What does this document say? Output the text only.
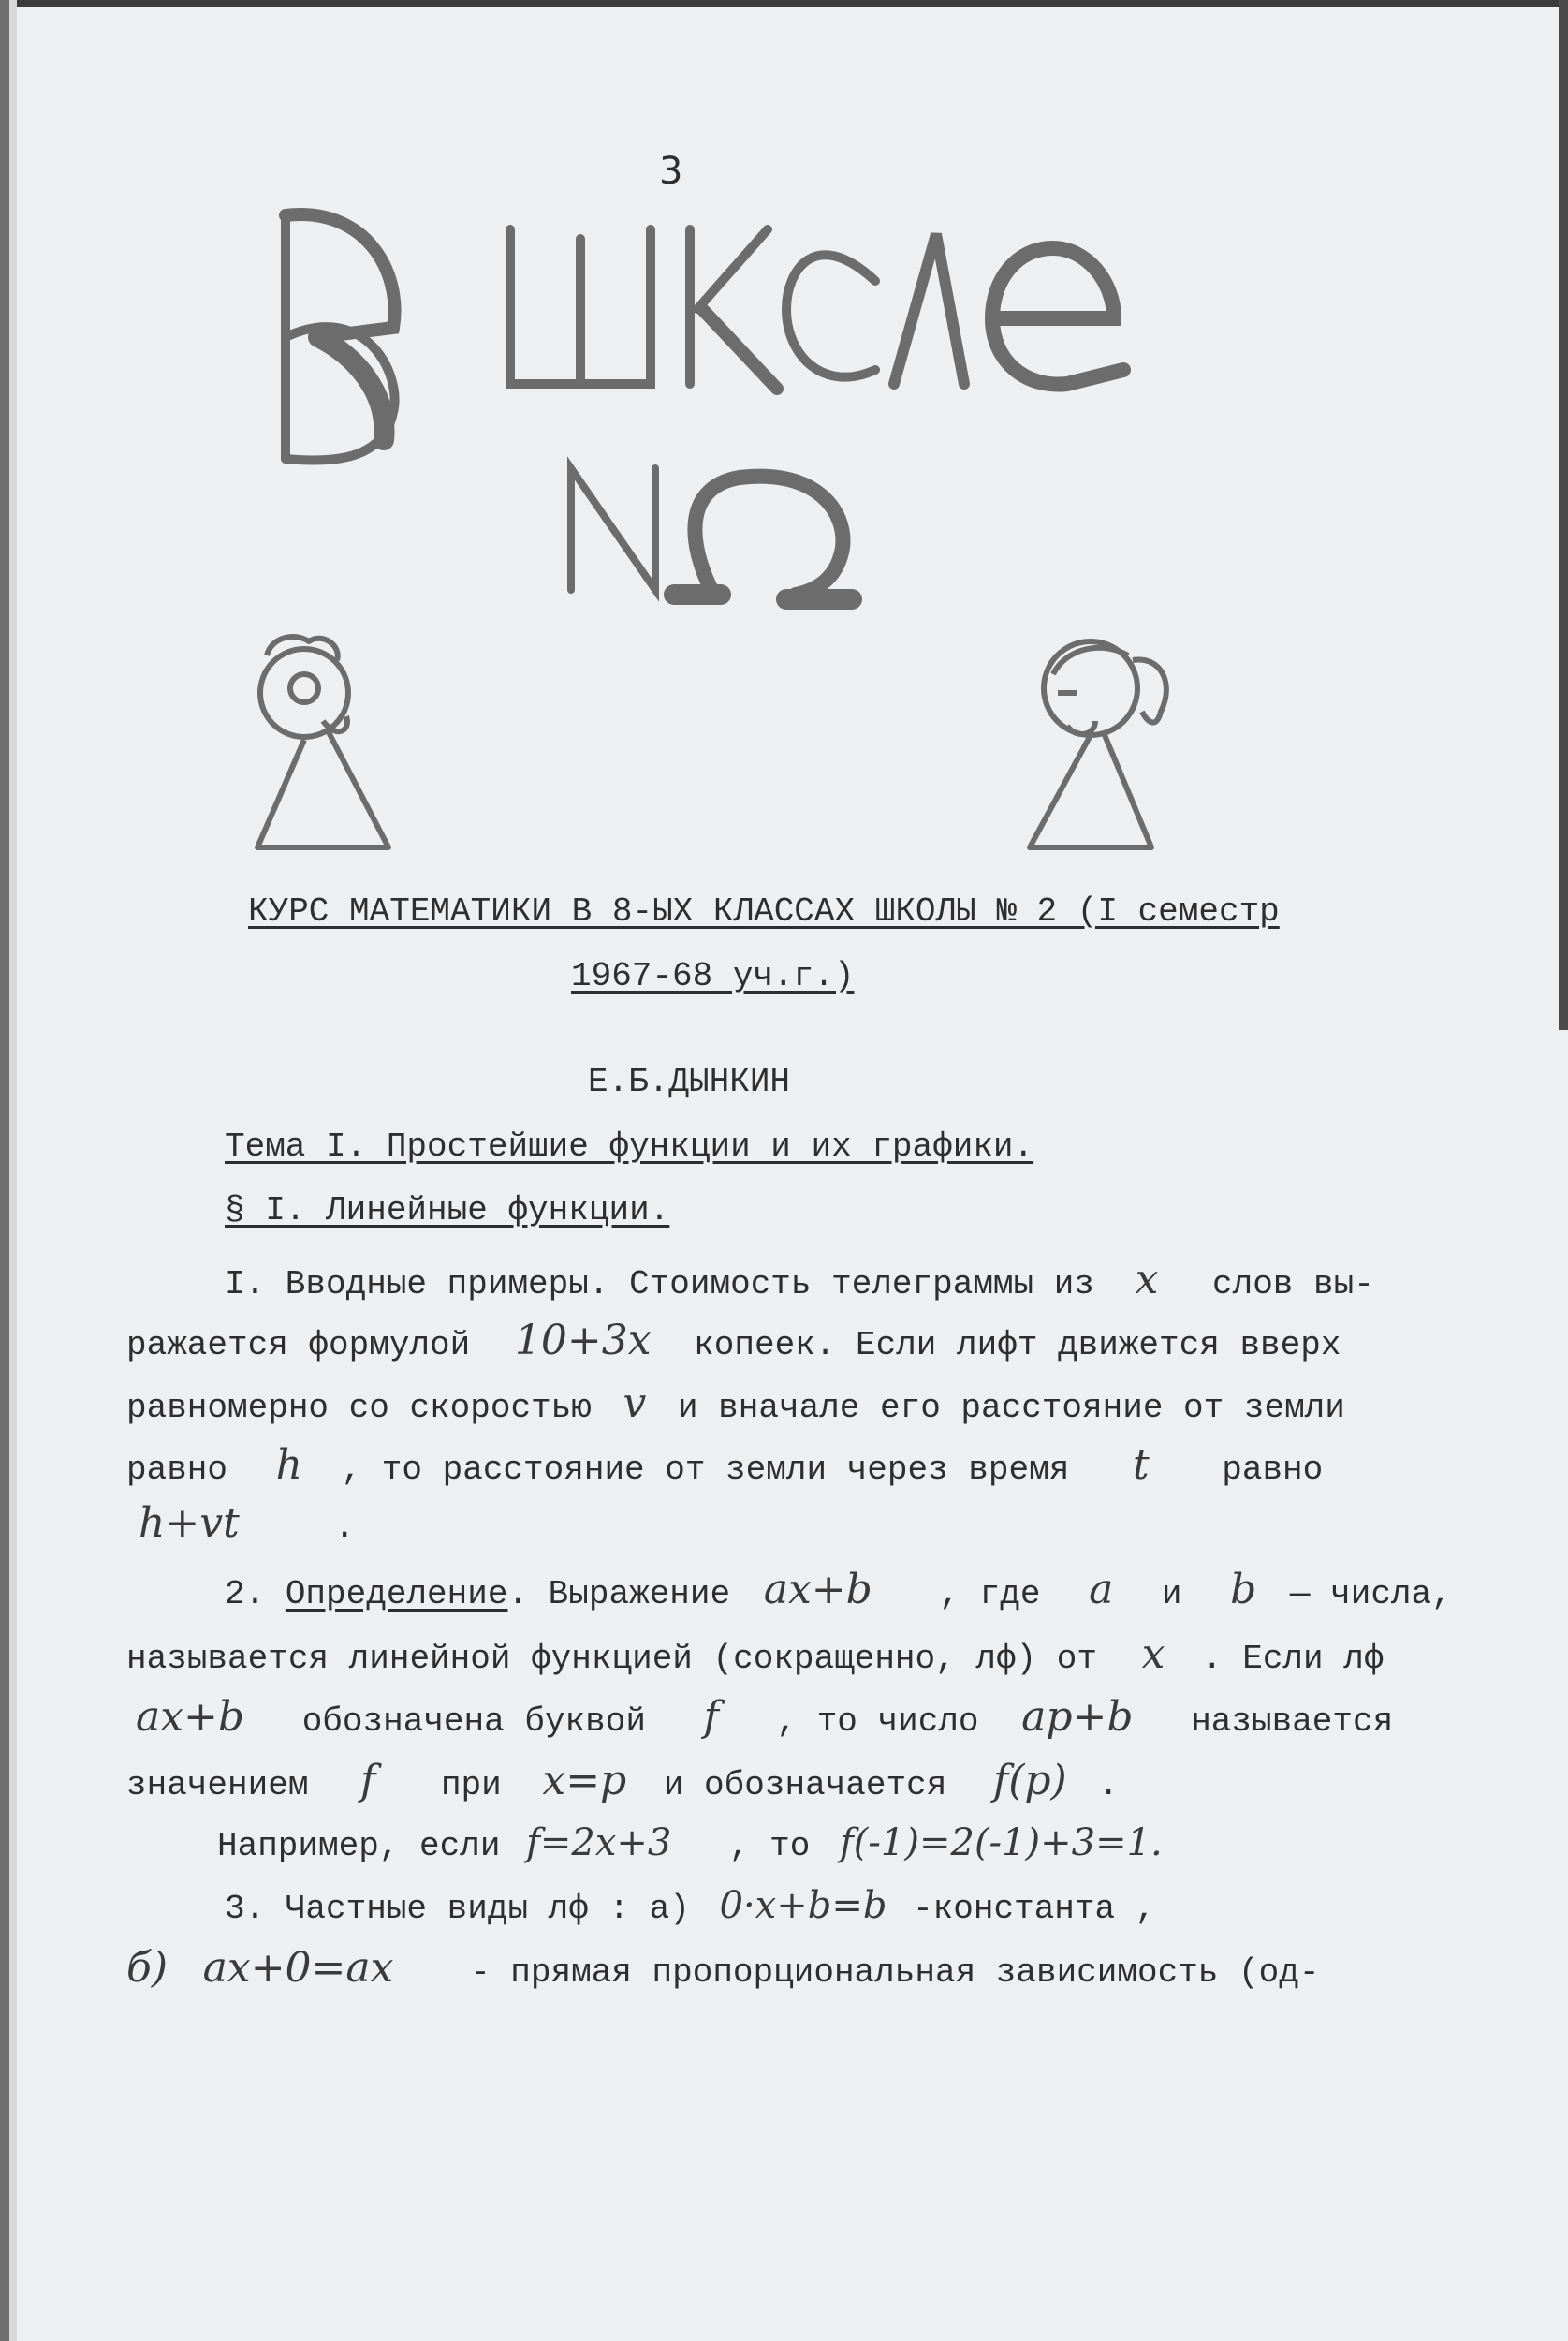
3
КУРС МАТЕМАТИКИ В 8-ЫХ КЛАССАХ ШКОЛЫ № 2 (I семестр
1967-68 уч.г.)
Е.Б.ДЫНКИН
Тема I. Простейшие функции и их графики.
§ I. Линейные функции.
I. Вводные примеры. Стоимость телеграммы из x слов вы-
ражается формулой 10+3x копеек. Если лифт движется вверх
равномерно со скоростью v и вначале его расстояние от земли
равно h , то расстояние от земли через время t равно
h+vt	.
2. Определение. Выражение ax+b , где a и b — числа,
называется линейной функцией (сокращенно, лф) от x . Если лф
ax+b обозначена буквой f , то число ap+b называется
значением f при x=p и обозначается f(p) .
Например, если f=2x+3 , то f(-1)=2(-1)+3=1.
3. Частные виды лф : а) 0·x+b=b -константа ,
б) ax+0=ax - прямая пропорциональная зависимость (од-
